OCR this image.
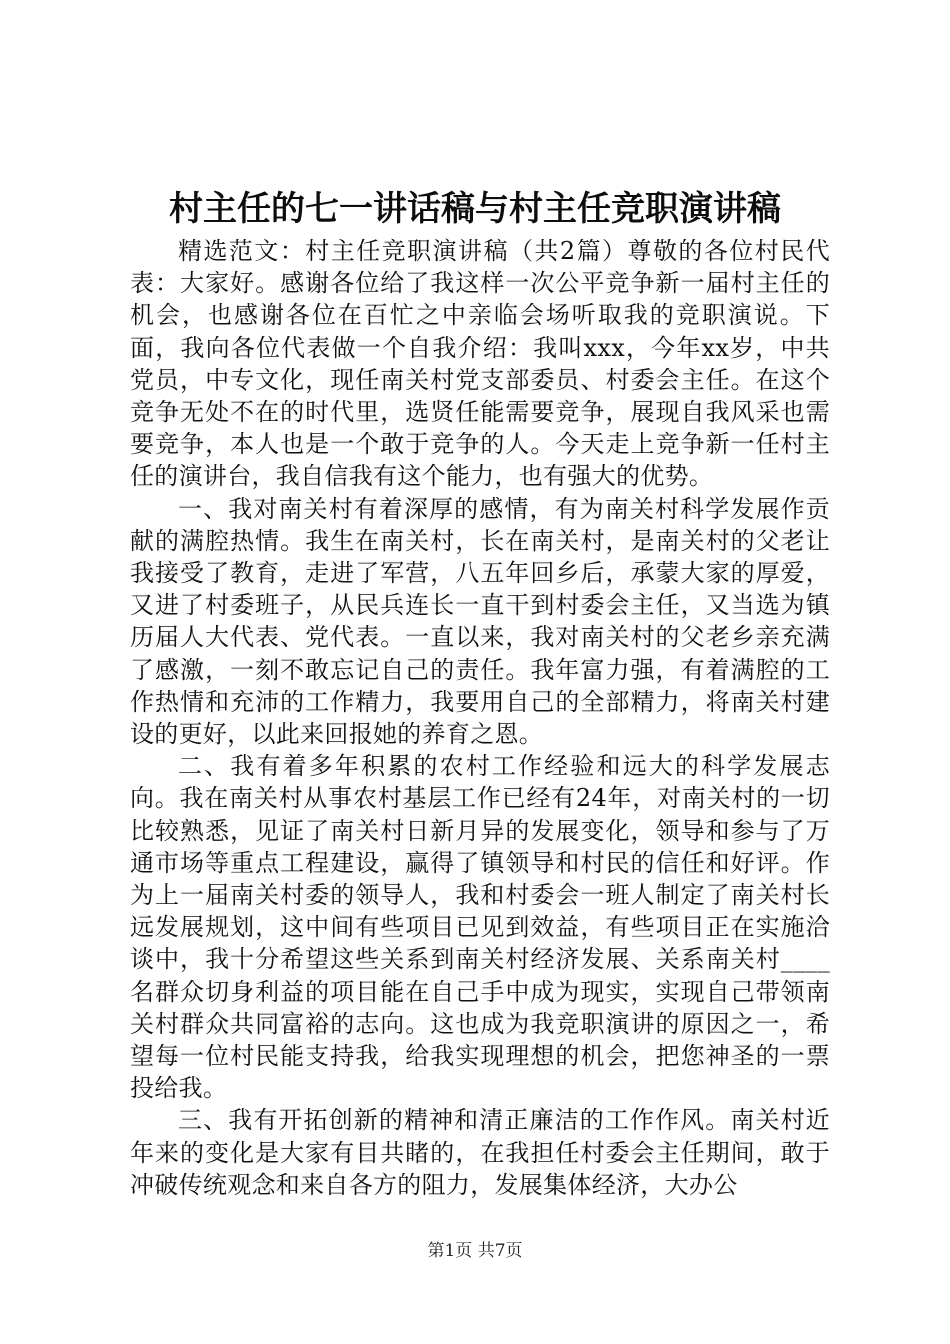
村主任的七一讲话稿与村主任竞职演讲稿

精选范文：村主任竞职演讲稿（共2篇）尊敬的各位村民代表：大家好。感谢各位给了我这样一次公平竞争新一届村主任的机会，也感谢各位在百忙之中亲临会场听取我的竞职演说。下面，我向各位代表做一个自我介绍：我叫xxx，今年xx岁，中共党员，中专文化，现任南关村党支部委员、村委会主任。在这个竞争无处不在的时代里，选贤任能需要竞争，展现自我风采也需要竞争，本人也是一个敢于竞争的人。今天走上竞争新一任村主任的演讲台，我自信我有这个能力，也有强大的优势。

一、我对南关村有着深厚的感情，有为南关村科学发展作贡献的满腔热情。我生在南关村，长在南关村，是南关村的父老让我接受了教育，走进了军营，八五年回乡后，承蒙大家的厚爱，又进了村委班子，从民兵连长一直干到村委会主任，又当选为镇历届人大代表、党代表。一直以来，我对南关村的父老乡亲充满了感激，一刻不敢忘记自己的责任。我年富力强，有着满腔的工作热情和充沛的工作精力，我要用自己的全部精力，将南关村建设的更好，以此来回报她的养育之恩。

二、我有着多年积累的农村工作经验和远大的科学发展志向。我在南关村从事农村基层工作已经有24年，对南关村的一切比较熟悉，见证了南关村日新月异的发展变化，领导和参与了万通市场等重点工程建设，赢得了镇领导和村民的信任和好评。作为上一届南关村委的领导人，我和村委会一班人制定了南关村长远发展规划，这中间有些项目已见到效益，有些项目正在实施洽谈中，我十分希望这些关系到南关村经济发展、关系南关村____名群众切身利益的项目能在自己手中成为现实，实现自己带领南关村群众共同富裕的志向。这也成为我竞职演讲的原因之一，希望每一位村民能支持我，给我实现理想的机会，把您神圣的一票投给我。

三、我有开拓创新的精神和清正廉洁的工作作风。南关村近年来的变化是大家有目共睹的，在我担任村委会主任期间，敢于冲破传统观念和来自各方的阻力，发展集体经济，大办公

第1页 共7页
